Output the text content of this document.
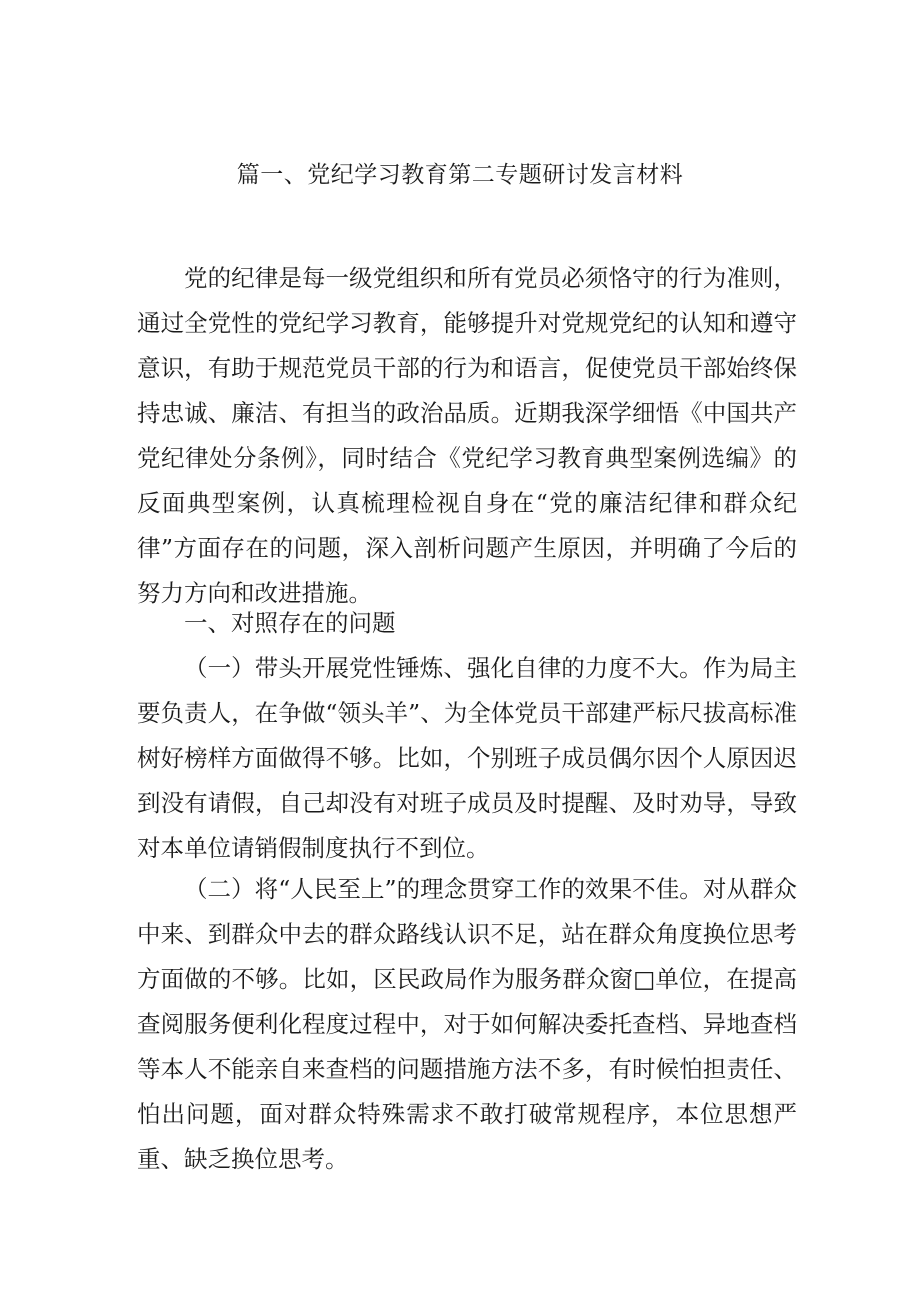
篇一、党纪学习教育第二专题研讨发言材料

党的纪律是每一级党组织和所有党员必须恪守的行为准则，通过全党性的党纪学习教育，能够提升对党规党纪的认知和遵守意识，有助于规范党员干部的行为和语言，促使党员干部始终保持忠诚、廉洁、有担当的政治品质。近期我深学细悟《中国共产党纪律处分条例》，同时结合《党纪学习教育典型案例选编》的反面典型案例，认真梳理检视自身在“党的廉洁纪律和群众纪律”方面存在的问题，深入剖析问题产生原因，并明确了今后的努力方向和改进措施。

一、对照存在的问题

（一）带头开展党性锤炼、强化自律的力度不大。作为局主要负责人，在争做“领头羊”、为全体党员干部建严标尺拔高标准树好榜样方面做得不够。比如，个别班子成员偶尔因个人原因迟到没有请假，自己却没有对班子成员及时提醒、及时劝导，导致对本单位请销假制度执行不到位。

（二）将“人民至上”的理念贯穿工作的效果不佳。对从群众中来、到群众中去的群众路线认识不足，站在群众角度换位思考方面做的不够。比如，区民政局作为服务群众窗□单位，在提高查阅服务便利化程度过程中，对于如何解决委托查档、异地查档等本人不能亲自来查档的问题措施方法不多，有时候怕担责任、怕出问题，面对群众特殊需求不敢打破常规程序，本位思想严重、缺乏换位思考。
